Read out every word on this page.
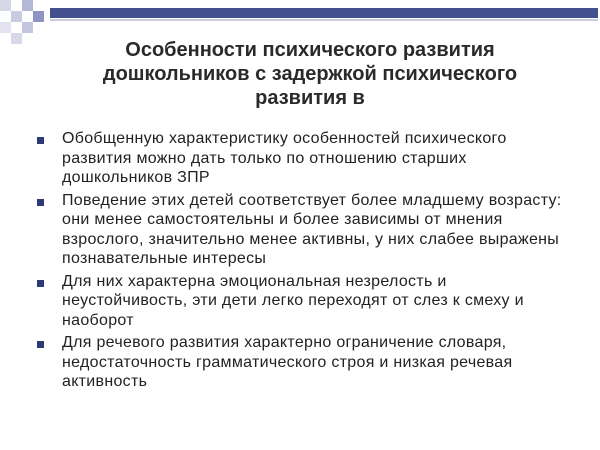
Особенности психического развития дошкольников с задержкой психического развития в
Обобщенную характеристику особенностей психического развития можно дать только по отношению старших дошкольников ЗПР
Поведение этих детей соответствует более младшему возрасту: они менее самостоятельны и более зависимы от мнения взрослого, значительно менее активны, у них слабее выражены познавательные интересы
Для них характерна эмоциональная незрелость и неустойчивость, эти дети легко переходят от слез к смеху и наоборот
Для речевого развития характерно ограничение словаря, недостаточность грамматического строя и низкая речевая активность
